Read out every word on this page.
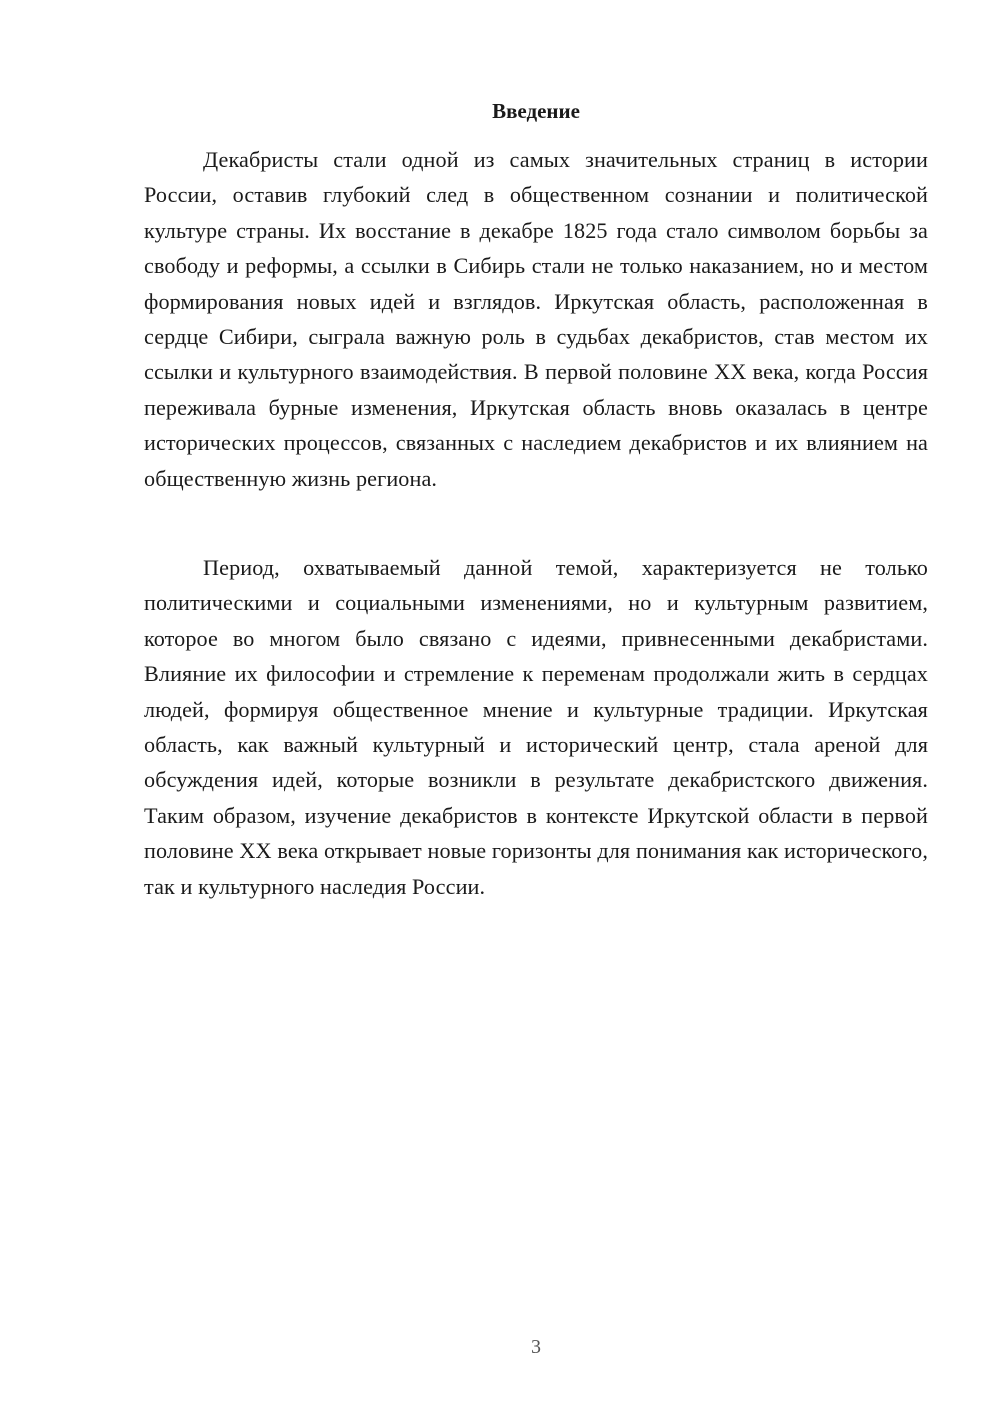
Введение

Декабристы стали одной из самых значительных страниц в истории России, оставив глубокий след в общественном сознании и политической культуре страны. Их восстание в декабре 1825 года стало символом борьбы за свободу и реформы, а ссылки в Сибирь стали не только наказанием, но и местом формирования новых идей и взглядов. Иркутская область, расположенная в сердце Сибири, сыграла важную роль в судьбах декабристов, став местом их ссылки и культурного взаимодействия. В первой половине XX века, когда Россия переживала бурные изменения, Иркутская область вновь оказалась в центре исторических процессов, связанных с наследием декабристов и их влиянием на общественную жизнь региона.

Период, охватываемый данной темой, характеризуется не только политическими и социальными изменениями, но и культурным развитием, которое во многом было связано с идеями, привнесенными декабристами. Влияние их философии и стремление к переменам продолжали жить в сердцах людей, формируя общественное мнение и культурные традиции. Иркутская область, как важный культурный и исторический центр, стала ареной для обсуждения идей, которые возникли в результате декабристского движения. Таким образом, изучение декабристов в контексте Иркутской области в первой половине XX века открывает новые горизонты для понимания как исторического, так и культурного наследия России.

3
